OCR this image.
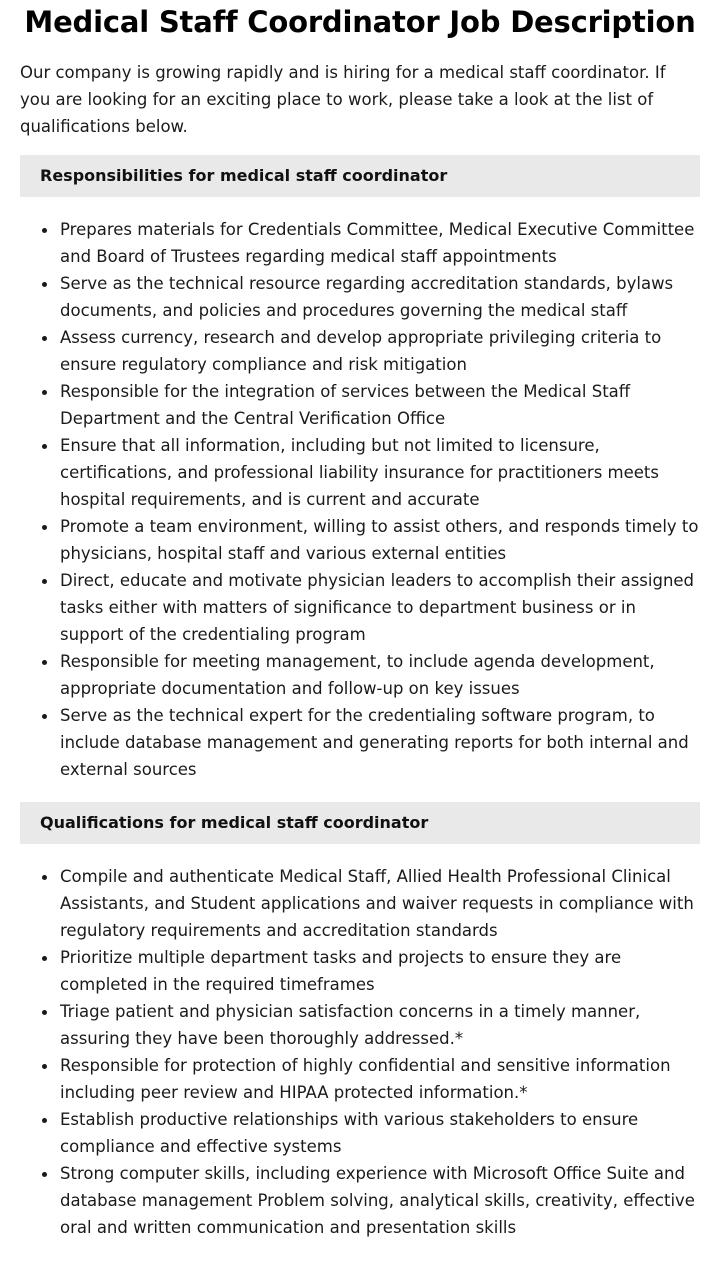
Medical Staff Coordinator Job Description

Our company is growing rapidly and is hiring for a medical staff coordinator. If you are looking for an exciting place to work, please take a look at the list of qualifications below.

Responsibilities for medical staff coordinator
Prepares materials for Credentials Committee, Medical Executive Committee and Board of Trustees regarding medical staff appointments
Serve as the technical resource regarding accreditation standards, bylaws documents, and policies and procedures governing the medical staff
Assess currency, research and develop appropriate privileging criteria to ensure regulatory compliance and risk mitigation
Responsible for the integration of services between the Medical Staff Department and the Central Verification Office
Ensure that all information, including but not limited to licensure, certifications, and professional liability insurance for practitioners meets hospital requirements, and is current and accurate
Promote a team environment, willing to assist others, and responds timely to physicians, hospital staff and various external entities
Direct, educate and motivate physician leaders to accomplish their assigned tasks either with matters of significance to department business or in support of the credentialing program
Responsible for meeting management, to include agenda development, appropriate documentation and follow-up on key issues
Serve as the technical expert for the credentialing software program, to include database management and generating reports for both internal and external sources
Qualifications for medical staff coordinator
Compile and authenticate Medical Staff, Allied Health Professional Clinical Assistants, and Student applications and waiver requests in compliance with regulatory requirements and accreditation standards
Prioritize multiple department tasks and projects to ensure they are completed in the required timeframes
Triage patient and physician satisfaction concerns in a timely manner, assuring they have been thoroughly addressed.*
Responsible for protection of highly confidential and sensitive information including peer review and HIPAA protected information.*
Establish productive relationships with various stakeholders to ensure compliance and effective systems
Strong computer skills, including experience with Microsoft Office Suite and database management Problem solving, analytical skills, creativity, effective oral and written communication and presentation skills
